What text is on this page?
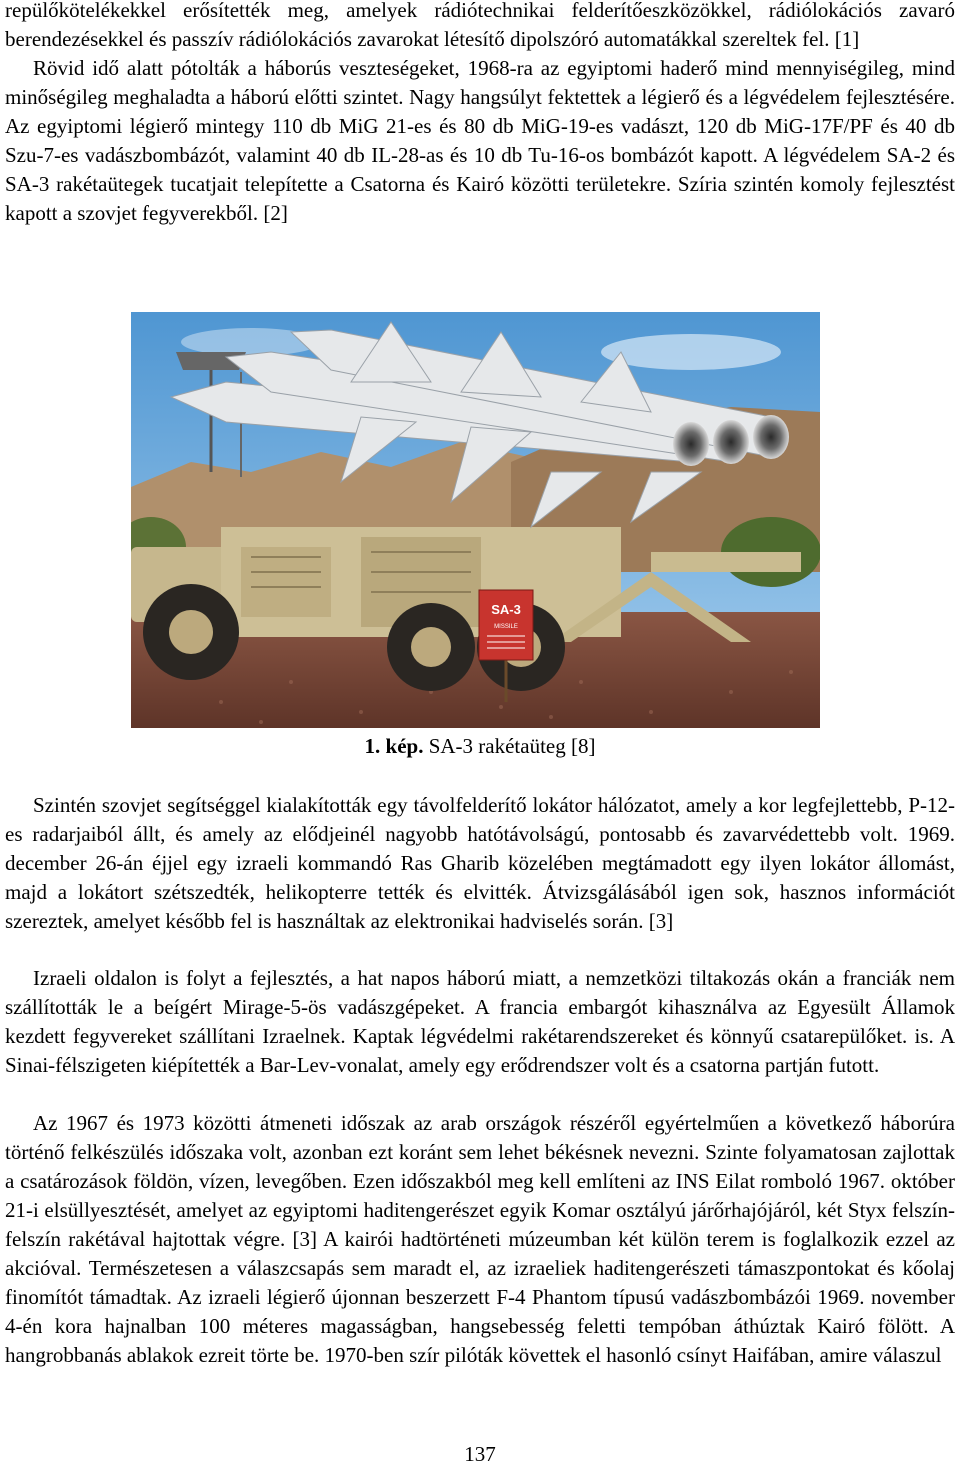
repülőkötelékekkel erősítették meg, amelyek rádiótechnikai felderítőeszközökkel, rádiólokációs zavaró berendezésekkel és passzív rádiólokációs zavarokat létesítő dipolszóró automatákkal szereltek fel. [1]
Rövid idő alatt pótolták a háborús veszteségeket, 1968-ra az egyiptomi haderő mind mennyiségileg, mind minőségileg meghaladta a háború előtti szintet. Nagy hangsúlyt fektettek a légierő és a légvédelem fejlesztésére. Az egyiptomi légierő mintegy 110 db MiG 21-es és 80 db MiG-19-es vadászt, 120 db MiG-17F/PF és 40 db Szu-7-es vadászbombázót, valamint 40 db IL-28-as és 10 db Tu-16-os bombázót kapott. A légvédelem SA-2 és SA-3 rakétaütegek tucatjait telepítette a Csatorna és Kairó közötti területekre. Szíria szintén komoly fejlesztést kapott a szovjet fegyverekből. [2]

SA-3
MISSILE
1. kép. SA-3 rakétaüteg [8]

Szintén szovjet segítséggel kialakították egy távolfelderítő lokátor hálózatot, amely a kor legfejlettebb, P-12-es radarjaiból állt, és amely az elődjeinél nagyobb hatótávolságú, pontosabb és zavarvédettebb volt. 1969. december 26-án éjjel egy izraeli kommandó Ras Gharib közelében megtámadott egy ilyen lokátor állomást, majd a lokátort szétszedték, helikopterre tették és elvitték. Átvizsgálásából igen sok, hasznos információt szereztek, amelyet később fel is használtak az elektronikai hadviselés során. [3]

Izraeli oldalon is folyt a fejlesztés, a hat napos háború miatt, a nemzetközi tiltakozás okán a franciák nem szállították le a beígért Mirage-5-ös vadászgépeket. A francia embargót kihasználva az Egyesült Államok kezdett fegyvereket szállítani Izraelnek. Kaptak légvédelmi rakétarendszereket és könnyű csatarepülőket. is. A Sinai-félszigeten kiépítették a Bar-Lev-vonalat, amely egy erődrendszer volt és a csatorna partján futott.

Az 1967 és 1973 közötti átmeneti időszak az arab országok részéről egyértelműen a következő háborúra történő felkészülés időszaka volt, azonban ezt koránt sem lehet békésnek nevezni. Szinte folyamatosan zajlottak a csatározások földön, vízen, levegőben. Ezen időszakból meg kell említeni az INS Eilat romboló 1967. október 21-i elsüllyesztését, amelyet az egyiptomi haditengerészet egyik Komar osztályú járőrhajójáról, két Styx felszín-felszín rakétával hajtottak végre. [3] A kairói hadtörténeti múzeumban két külön terem is foglalkozik ezzel az akcióval. Természetesen a válaszcsapás sem maradt el, az izraeliek haditengerészeti támaszpontokat és kőolaj finomítót támadtak. Az izraeli légierő újonnan beszerzett F-4 Phantom típusú vadászbombázói 1969. november 4-én kora hajnalban 100 méteres magasságban, hangsebesség feletti tempóban áthúztak Kairó fölött. A hangrobbanás ablakok ezreit törte be. 1970-ben szír pilóták követtek el hasonló csínyt Haifában, amire válaszul

137
